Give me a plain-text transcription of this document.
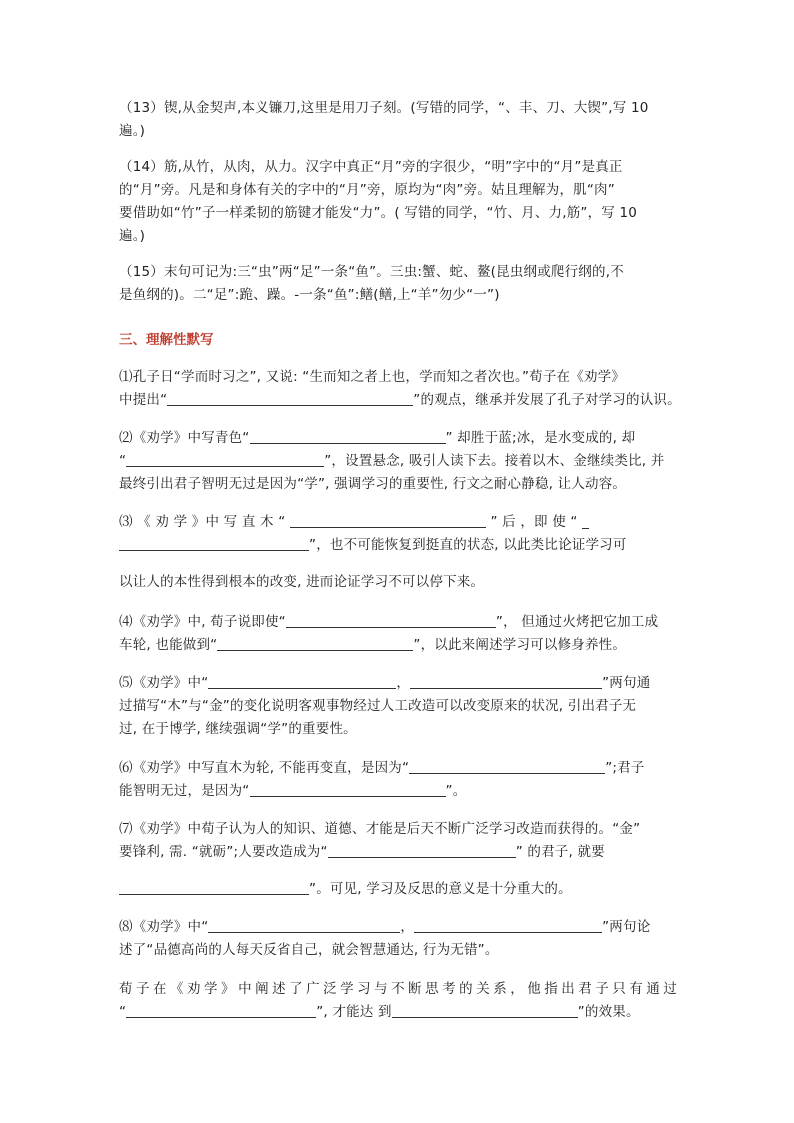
（13）锲,从金契声,本义镰刀,这里是用刀子刻。(写错的同学，“、丰、刀、大锲”,写 10
遍。)
（14）筋,从竹，从肉，从力。汉字中真正“月”旁的字很少，“明”字中的“月”是真正
的“月”旁。凡是和身体有关的字中的“月”旁，原均为“肉”旁。姑且理解为，肌“肉”
要借助如“竹”子一样柔韧的筋键才能发“力”。( 写错的同学，“竹、月、力,筋”，写 10
遍。)
（15）末句可记为:三“虫”两“足”一条“鱼”。三虫:蟹、蛇、鳌(昆虫纲或爬行纲的,不
是鱼纲的)。二“足”:跪、躁。-一条“鱼”:鳝(鳝,上“羊”勿少“一”)
三、理解性默写
⑴孔子日“学而时习之”, 又说: “生而知之者上也，学而知之者次也。”荀子在《劝学》
中提出“	”的观点，继承并发展了孔子对学习的认识。
⑵《劝学》中写青色“	” 却胜于蓝;冰，是水变成的, 却
“	”，设置悬念, 吸引人读下去。接着以木、金继续类比, 并
最终引出君子智明无过是因为“学”, 强调学习的重要性, 行文之耐心静稳, 让人动容。
⑶ 《 劝 学 》中 写 直 木 “	” 后 ，即 使 “ _
”，也不可能恢复到挺直的状态, 以此类比论证学习可
以让人的本性得到根本的改变, 进而论证学习不可以停下来。
⑷《劝学》中, 荀子说即使“	”， 但通过火烤把它加工成
车轮, 也能做到“	”，以此来阐述学习可以修身养性。
⑸《劝学》中“	，	”两句通
过描写“木”与“金”的变化说明客观事物经过人工改造可以改变原来的状况, 引出君子无
过, 在于博学, 继续强调“学”的重要性。
⑹《劝学》中写直木为轮, 不能再变直，是因为“	”;君子
能智明无过，是因为“	”。
⑺《劝学》中荀子认为人的知识、道德、才能是后天不断广泛学习改造而获得的。“金”
要锋利, 需. “就砺”;人要改造成为“	” 的君子, 就要
”。可见, 学习及反思的意义是十分重大的。
⑻《劝学》中“	，	”两句论
述了“品德高尚的人每天反省自己，就会智慧通达, 行为无错”。
荀子在《劝学》中阐述了广泛学习与不断思考的关系，他指出君子只有通过
“	”, 才能达 到	”的效果。
